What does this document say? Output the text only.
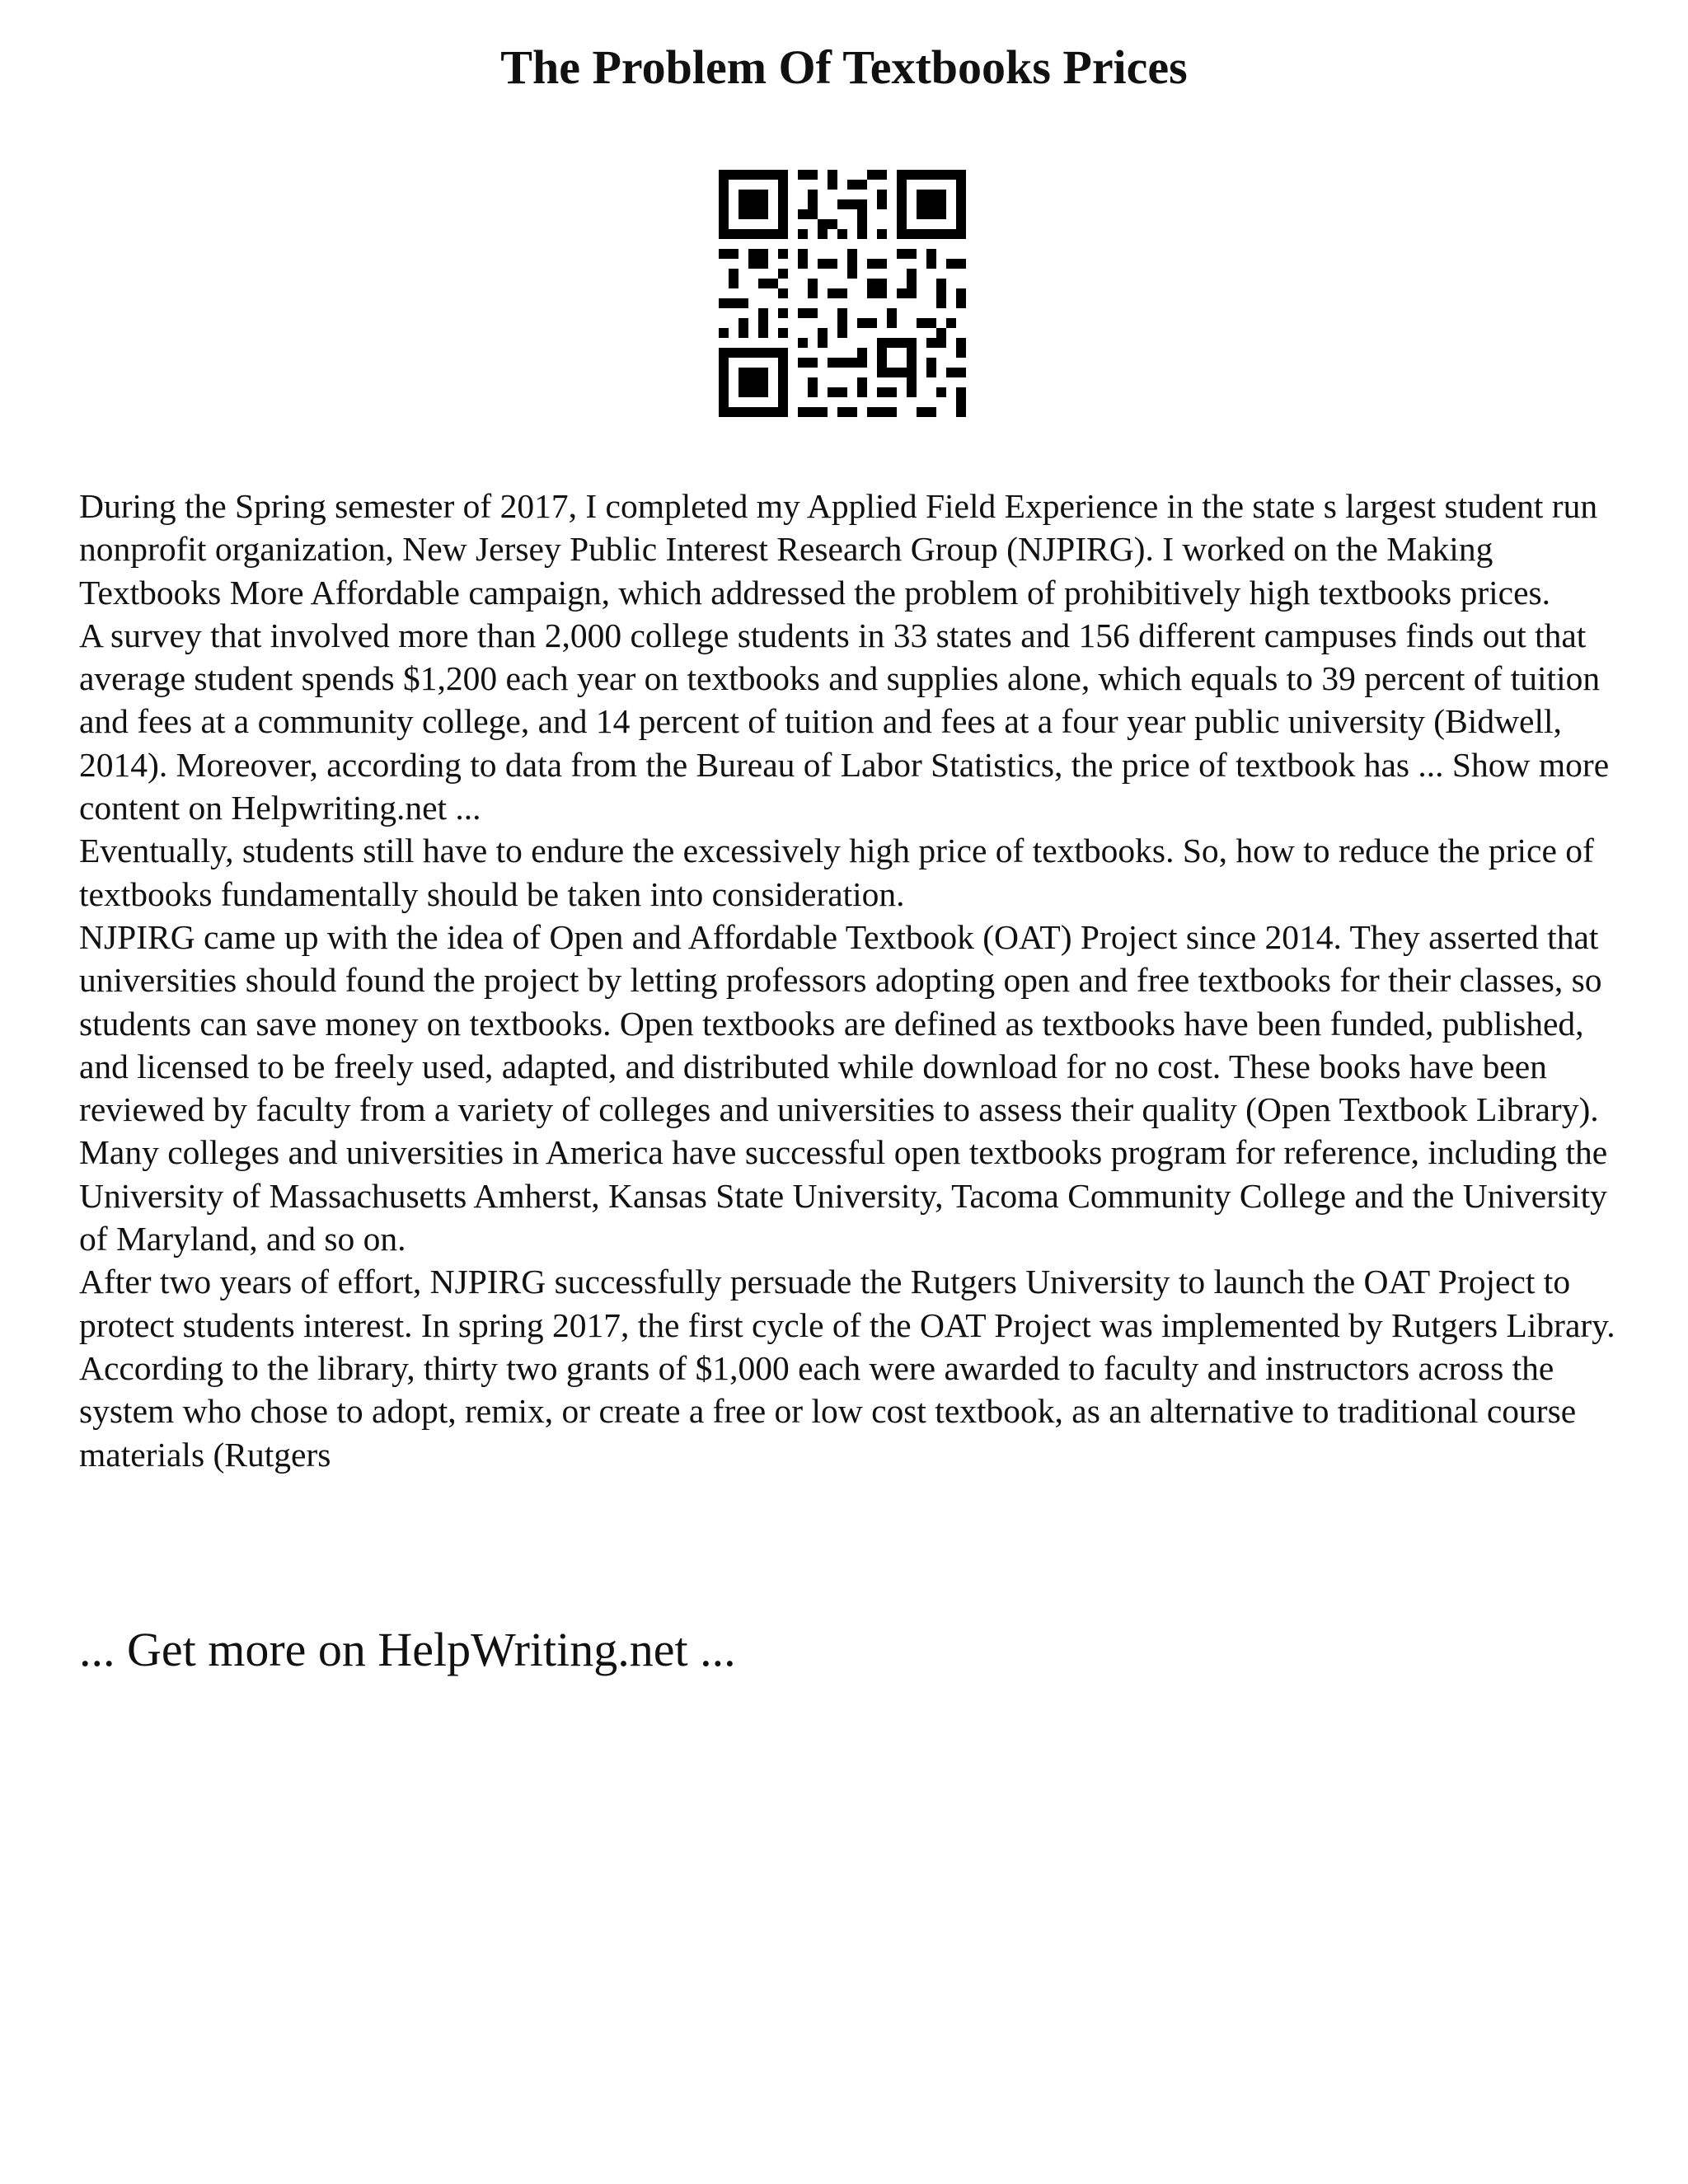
The Problem Of Textbooks Prices

During the Spring semester of 2017, I completed my Applied Field Experience in the state s largest student run nonprofit organization, New Jersey Public Interest Research Group (NJPIRG). I worked on the Making Textbooks More Affordable campaign, which addressed the problem of prohibitively high textbooks prices.

A survey that involved more than 2,000 college students in 33 states and 156 different campuses finds out that average student spends $1,200 each year on textbooks and supplies alone, which equals to 39 percent of tuition and fees at a community college, and 14 percent of tuition and fees at a four year public university (Bidwell, 2014). Moreover, according to data from the Bureau of Labor Statistics, the price of textbook has ... Show more content on Helpwriting.net ...

Eventually, students still have to endure the excessively high price of textbooks. So, how to reduce the price of textbooks fundamentally should be taken into consideration.

NJPIRG came up with the idea of Open and Affordable Textbook (OAT) Project since 2014. They asserted that universities should found the project by letting professors adopting open and free textbooks for their classes, so students can save money on textbooks. Open textbooks are defined as textbooks have been funded, published, and licensed to be freely used, adapted, and distributed while download for no cost. These books have been reviewed by faculty from a variety of colleges and universities to assess their quality (Open Textbook Library). Many colleges and universities in America have successful open textbooks program for reference, including the University of Massachusetts Amherst, Kansas State University, Tacoma Community College and the University of Maryland, and so on.

After two years of effort, NJPIRG successfully persuade the Rutgers University to launch the OAT Project to protect students interest. In spring 2017, the first cycle of the OAT Project was implemented by Rutgers Library. According to the library, thirty two grants of $1,000 each were awarded to faculty and instructors across the system who chose to adopt, remix, or create a free or low cost textbook, as an alternative to traditional course materials (Rutgers

... Get more on HelpWriting.net ...
